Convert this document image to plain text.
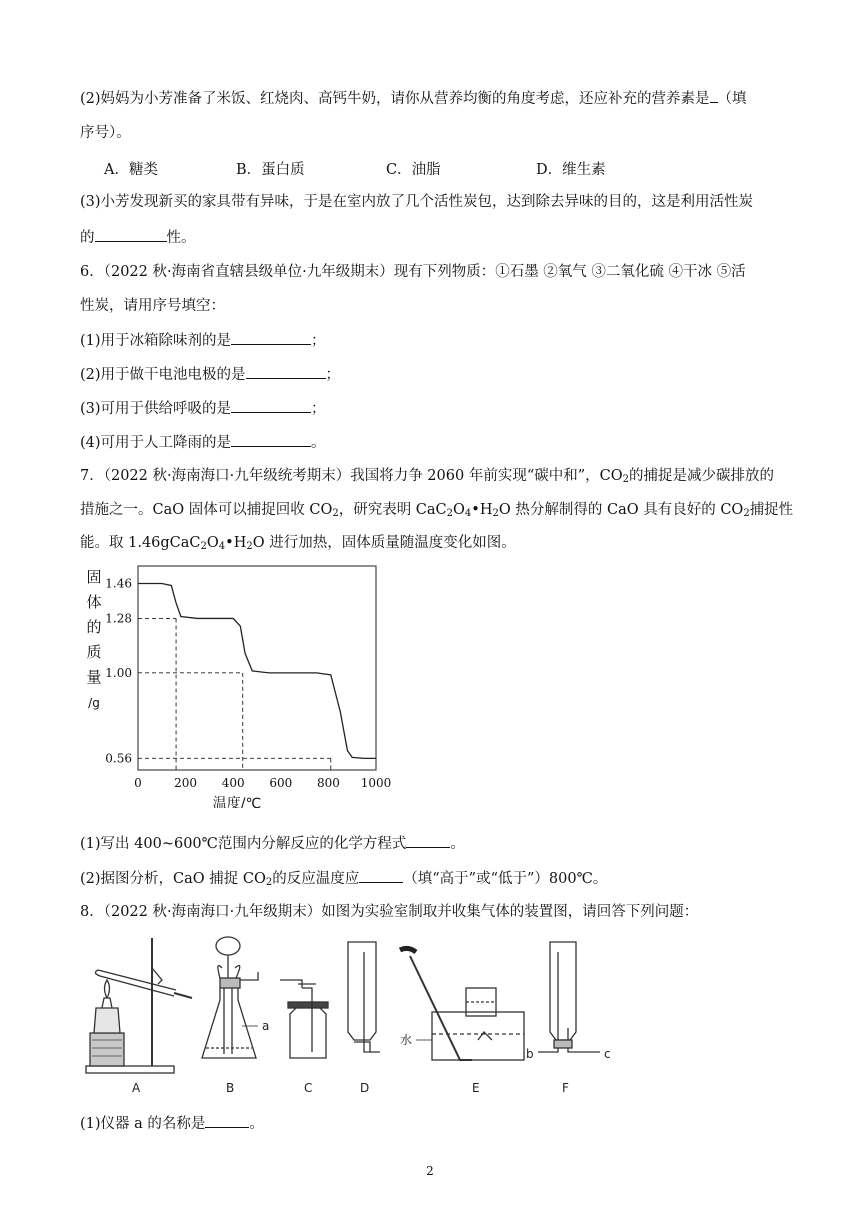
(2)妈妈为小芳准备了米饭、红烧肉、高钙牛奶，请你从营养均衡的角度考虑，还应补充的营养素是 （填
序号）。
A．糖类	B．蛋白质	C．油脂	D．维生素
(3)小芳发现新买的家具带有异味，于是在室内放了几个活性炭包，达到除去异味的目的，这是利用活性炭
的	性。
6．（2022 秋·海南省直辖县级单位·九年级期末）现有下列物质：①石墨 ②氧气 ③二氧化硫 ④干冰 ⑤活
性炭，请用序号填空：
(1)用于冰箱除味剂的是	；
(2)用于做干电池电极的是	；
(3)可用于供给呼吸的是	；
(4)可用于人工降雨的是	。
7．（2022 秋·海南海口·九年级统考期末）我国将力争 2060 年前实现“碳中和”，$CO_2$的捕捉是减少碳排放的
措施之一。CaO 固体可以捕捉回收 $CO_2$，研究表明 $CaC_2O_4•H_2O$ 热分解制得的 CaO 具有良好的 $CO_2$捕捉性
能。取 $1.46gCaC_2O_4•H_2O$ 进行加热，固体质量随温度变化如图。
1.46
1.28
1.00
0.56
0	200 400 600 800 1000
固
体
的
质
量
/g
温度/℃
(1)写出 400~600℃范围内分解反应的化学方程式	。
(2)据图分析，CaO 捕捉 $CO_2$的反应温度应	（填“高于”或“低于”）800℃。
8．（2022 秋·海南海口·九年级期末）如图为实验室制取并收集气体的装置图，请回答下列问题：
a
水
b	c
A	B	C	D	E	F
(1)仪器 a 的名称是	。
2
